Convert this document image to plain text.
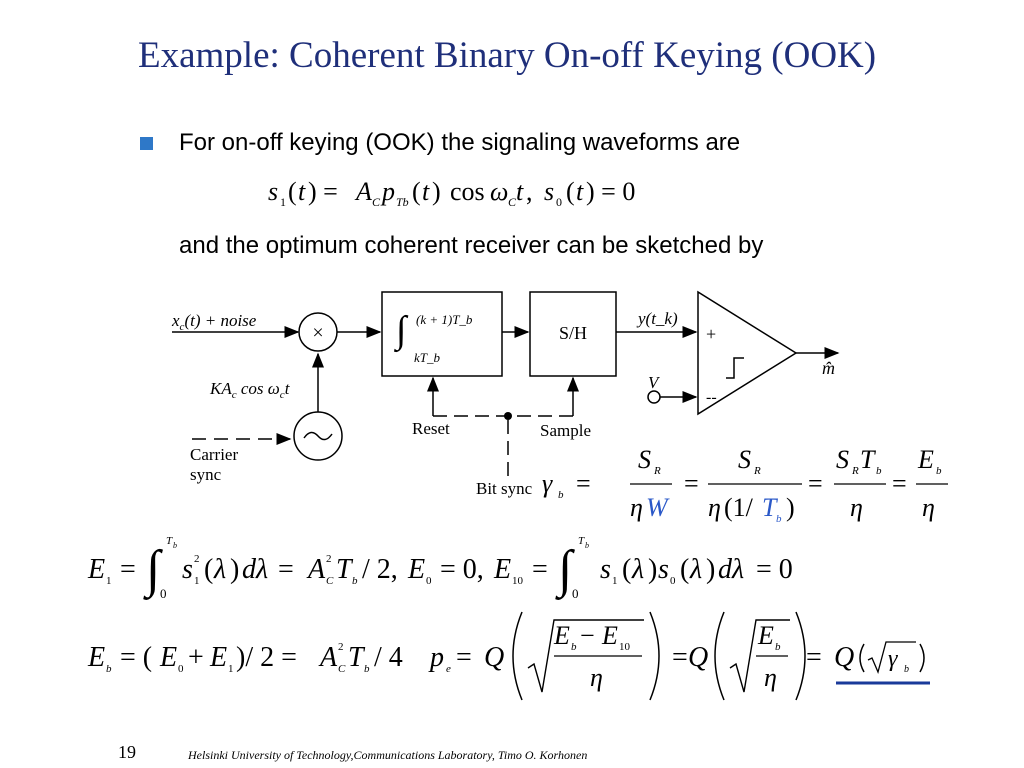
Example: Coherent Binary On-off Keying (OOK)
For on-off keying (OOK) the signaling waveforms are
s 1 ( t ) = A C p Tb ( t ) cos ω C t , s 0 ( t ) = 0
and the optimum coherent receiver can be sketched by
$x_c(t)$ + noise
×
$KA_c$ $\cos \omega_ct$
Carrier
sync
∫ (k + 1)T_b
kT_b
S/H
y(t_k)
+
--
m̂
V
Reset	Sample
Bit sync γ b =
S R
η W
=
S R
η (1/ T b )
=
S R T b
η
=
E b
η
E 1 = ∫ T b
0
s 2
1 ( λ ) dλ = A 2
C T b / 2, E 0 = 0, E 10 = ∫ T b
0
s 1 ( λ ) s 0 ( λ ) dλ = 0
E b = ( E 0 + E 1 )/ 2 = A 2
C T b / 4 p e = Q
E b − E 10
η
= Q
E b
η
= Q γ b
19	Helsinki University of Technology,Communications Laboratory, Timo O. Korhonen
